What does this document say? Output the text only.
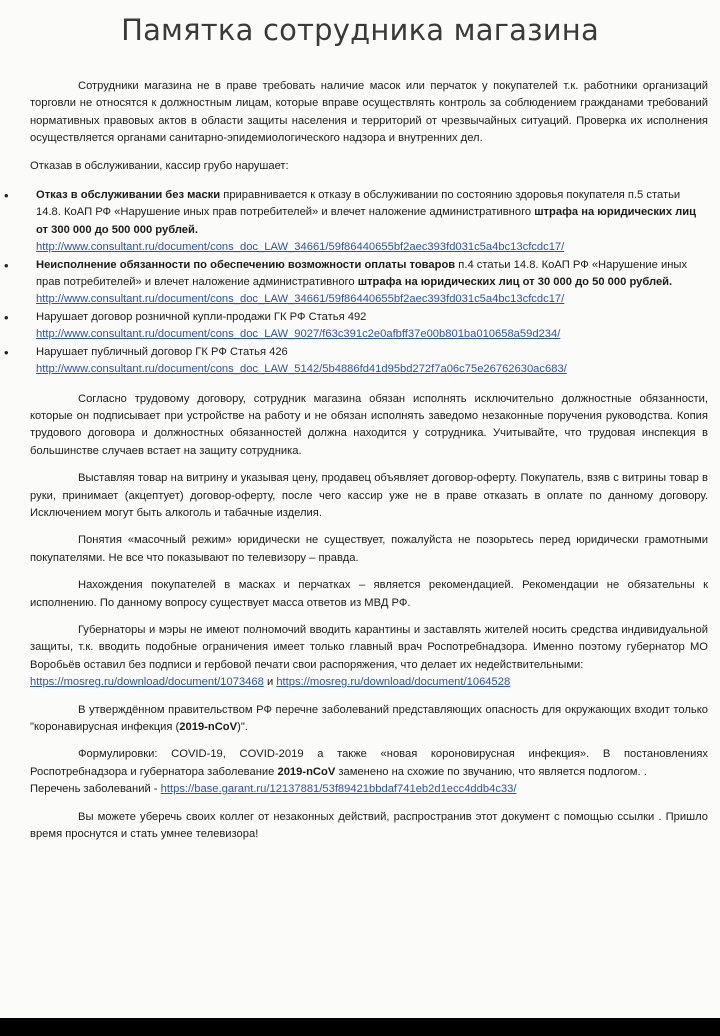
Памятка сотрудника магазина

Сотрудники магазина не в праве требовать наличие масок или перчаток у покупателей т.к. работники организаций торговли не относятся к должностным лицам, которые вправе осуществлять контроль за соблюдением гражданами требований нормативных правовых актов в области защиты населения и территорий от чрезвычайных ситуаций. Проверка их исполнения осуществляется органами санитарно-эпидемиологического надзора и внутренних дел.

Отказав в обслуживании, кассир грубо нарушает:

• Отказ в обслуживании без маски приравнивается к отказу в обслуживании по состоянию здоровья покупателя п.5 статьи 14.8. КоАП РФ «Нарушение иных прав потребителей» и влечет наложение административного штрафа на юридических лиц от 300 000 до 500 000 рублей.
http://www.consultant.ru/document/cons_doc_LAW_34661/59f86440655bf2aec393fd031c5a4bc13cfcdc17/
• Неисполнение обязанности по обеспечению возможности оплаты товаров п.4 статьи 14.8. КоАП РФ «Нарушение иных прав потребителей» и влечет наложение административного штрафа на юридических лиц от 30 000 до 50 000 рублей.
http://www.consultant.ru/document/cons_doc_LAW_34661/59f86440655bf2aec393fd031c5a4bc13cfcdc17/
• Нарушает договор розничной купли-продажи ГК РФ Статья 492
http://www.consultant.ru/document/cons_doc_LAW_9027/f63c391c2e0afbff37e00b801ba010658a59d234/
• Нарушает публичный договор ГК РФ Статья 426
http://www.consultant.ru/document/cons_doc_LAW_5142/5b4886fd41d95bd272f7a06c75e26762630ac683/

Согласно трудовому договору, сотрудник магазина обязан исполнять исключительно должностные обязанности, которые он подписывает при устройстве на работу и не обязан исполнять заведомо незаконные поручения руководства. Копия трудового договора и должностных обязанностей должна находится у сотрудника. Учитывайте, что трудовая инспекция в большинстве случаев встает на защиту сотрудника.

Выставляя товар на витрину и указывая цену, продавец объявляет договор-оферту. Покупатель, взяв с витрины товар в руки, принимает (акцептует) договор-оферту, после чего кассир уже не в праве отказать в оплате по данному договору. Исключением могут быть алкоголь и табачные изделия.

Понятия «масочный режим» юридически не существует, пожалуйста не позорьтесь перед юридически грамотными покупателями. Не все что показывают по телевизору – правда.

Нахождения покупателей в масках и перчатках – является рекомендацией. Рекомендации не обязательны к исполнению. По данному вопросу существует масса ответов из МВД РФ.

Губернаторы и мэры не имеют полномочий вводить карантины и заставлять жителей носить средства индивидуальной защиты, т.к. вводить подобные ограничения имеет только главный врач Роспотребнадзора. Именно поэтому губернатор МО Воробьёв оставил без подписи и гербовой печати свои распоряжения, что делает их недействительными:
https://mosreg.ru/download/document/1073468 и https://mosreg.ru/download/document/1064528

В утверждённом правительством РФ перечне заболеваний представляющих опасность для окружающих входит только "коронавирусная инфекция (2019-nCoV)".

Формулировки: COVID-19, COVID-2019 а также «новая короновирусная инфекция». В постановлениях Роспотребнадзора и губернатора заболевание 2019-nCoV заменено на схожие по звучанию, что является подлогом. .
Перечень заболеваний - https://base.garant.ru/12137881/53f89421bbdaf741eb2d1ecc4ddb4c33/

Вы можете уберечь своих коллег от незаконных действий, распространив этот документ с помощью ссылки . Пришло время проснутся и стать умнее телевизора!
